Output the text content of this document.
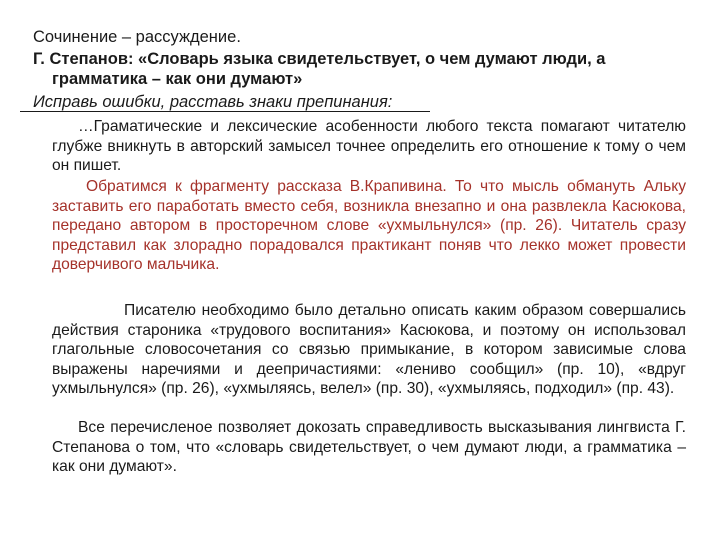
Сочинение – рассуждение.
Г. Степанов: «Словарь языка свидетельствует, о чем думают люди, а
грамматика – как они думают»
Исправь ошибки, расставь знаки препинания:

…Граматические и лексические асобенности любого текста помагают читателю глубже вникнуть в авторский замысел точнее определить его отношение к тому о чем он пишет.

Обратимся к фрагменту рассказа В.Крапивина. То что мысль обмануть Альку заставить его парaботать вместо себя, возникла внезапно и она развлекла Касюкова, передано автором в просторечном слове «ухмыльнулся» (пр. 26). Читатель сразу представил как злорадно порадовался практикант поняв что лекко может провести доверчивого мальчика.

Писателю необходимо было детально описать каким образом совершались действия староника «трудового воспитания» Касюкова, и поэтому он использовал глагольные словосочетания со связью примыкание, в котором зависимые слова выражены наречиями и деепричастиями: «лениво сообщил» (пр. 10), «вдруг ухмыльнулся» (пр. 26), «ухмыляясь, велел» (пр. 30), «ухмыляясь, подходил» (пр. 43).

Все перечисленое позволяет докозать справедливость высказывания лингвиста Г. Степанова о том, что «словарь свидетельствует, о чем думают люди, а грамматика – как они думают».
